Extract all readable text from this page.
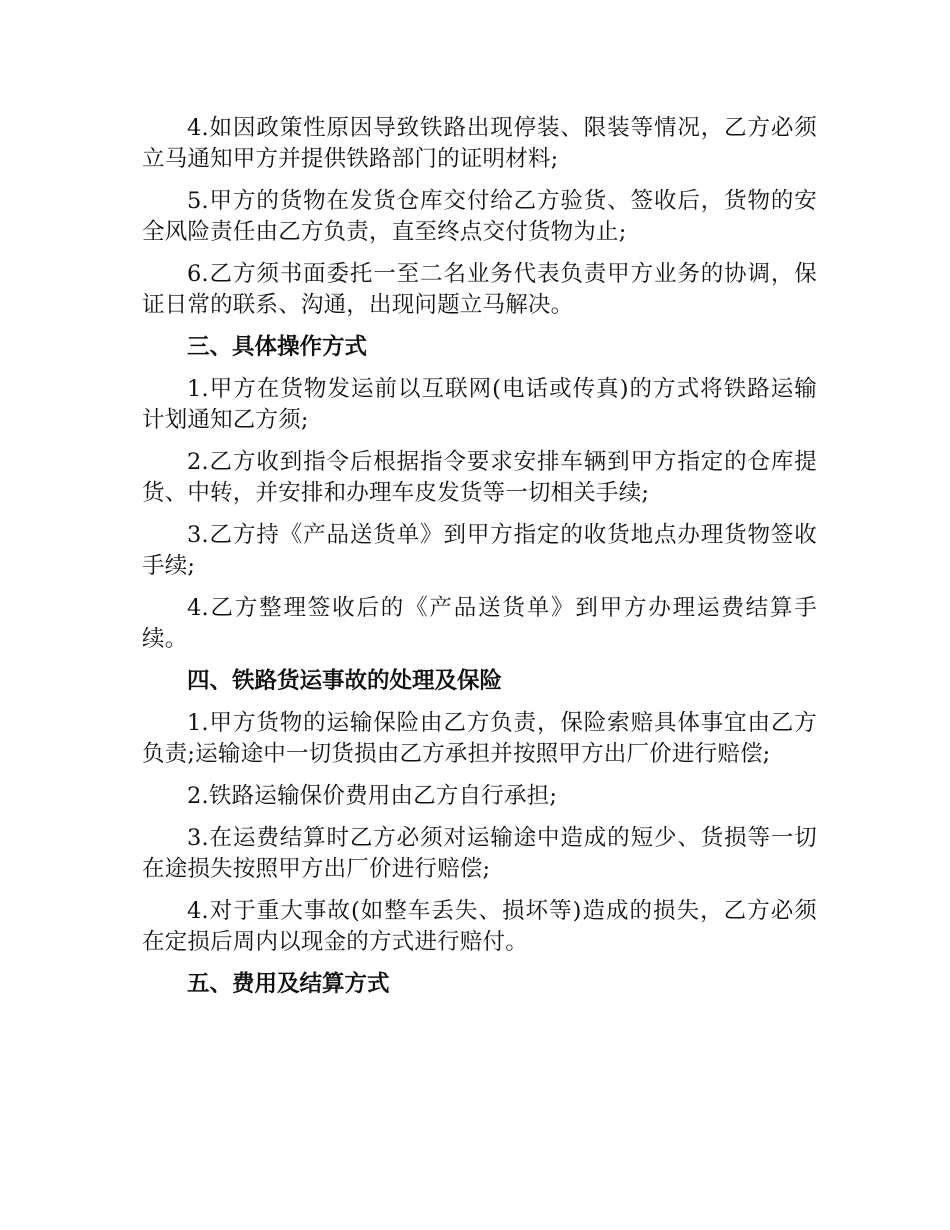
4.如因政策性原因导致铁路出现停装、限装等情况，乙方必须立马通知甲方并提供铁路部门的证明材料;

5.甲方的货物在发货仓库交付给乙方验货、签收后，货物的安全风险责任由乙方负责，直至终点交付货物为止;

6.乙方须书面委托一至二名业务代表负责甲方业务的协调，保证日常的联系、沟通，出现问题立马解决。

三、具体操作方式

1.甲方在货物发运前以互联网(电话或传真)的方式将铁路运输计划通知乙方须;

2.乙方收到指令后根据指令要求安排车辆到甲方指定的仓库提货、中转，并安排和办理车皮发货等一切相关手续;

3.乙方持《产品送货单》到甲方指定的收货地点办理货物签收手续;

4.乙方整理签收后的《产品送货单》到甲方办理运费结算手续。

四、铁路货运事故的处理及保险

1.甲方货物的运输保险由乙方负责，保险索赔具体事宜由乙方负责;运输途中一切货损由乙方承担并按照甲方出厂价进行赔偿;

2.铁路运输保价费用由乙方自行承担;

3.在运费结算时乙方必须对运输途中造成的短少、货损等一切在途损失按照甲方出厂价进行赔偿;

4.对于重大事故(如整车丢失、损坏等)造成的损失，乙方必须在定损后周内以现金的方式进行赔付。

五、费用及结算方式
